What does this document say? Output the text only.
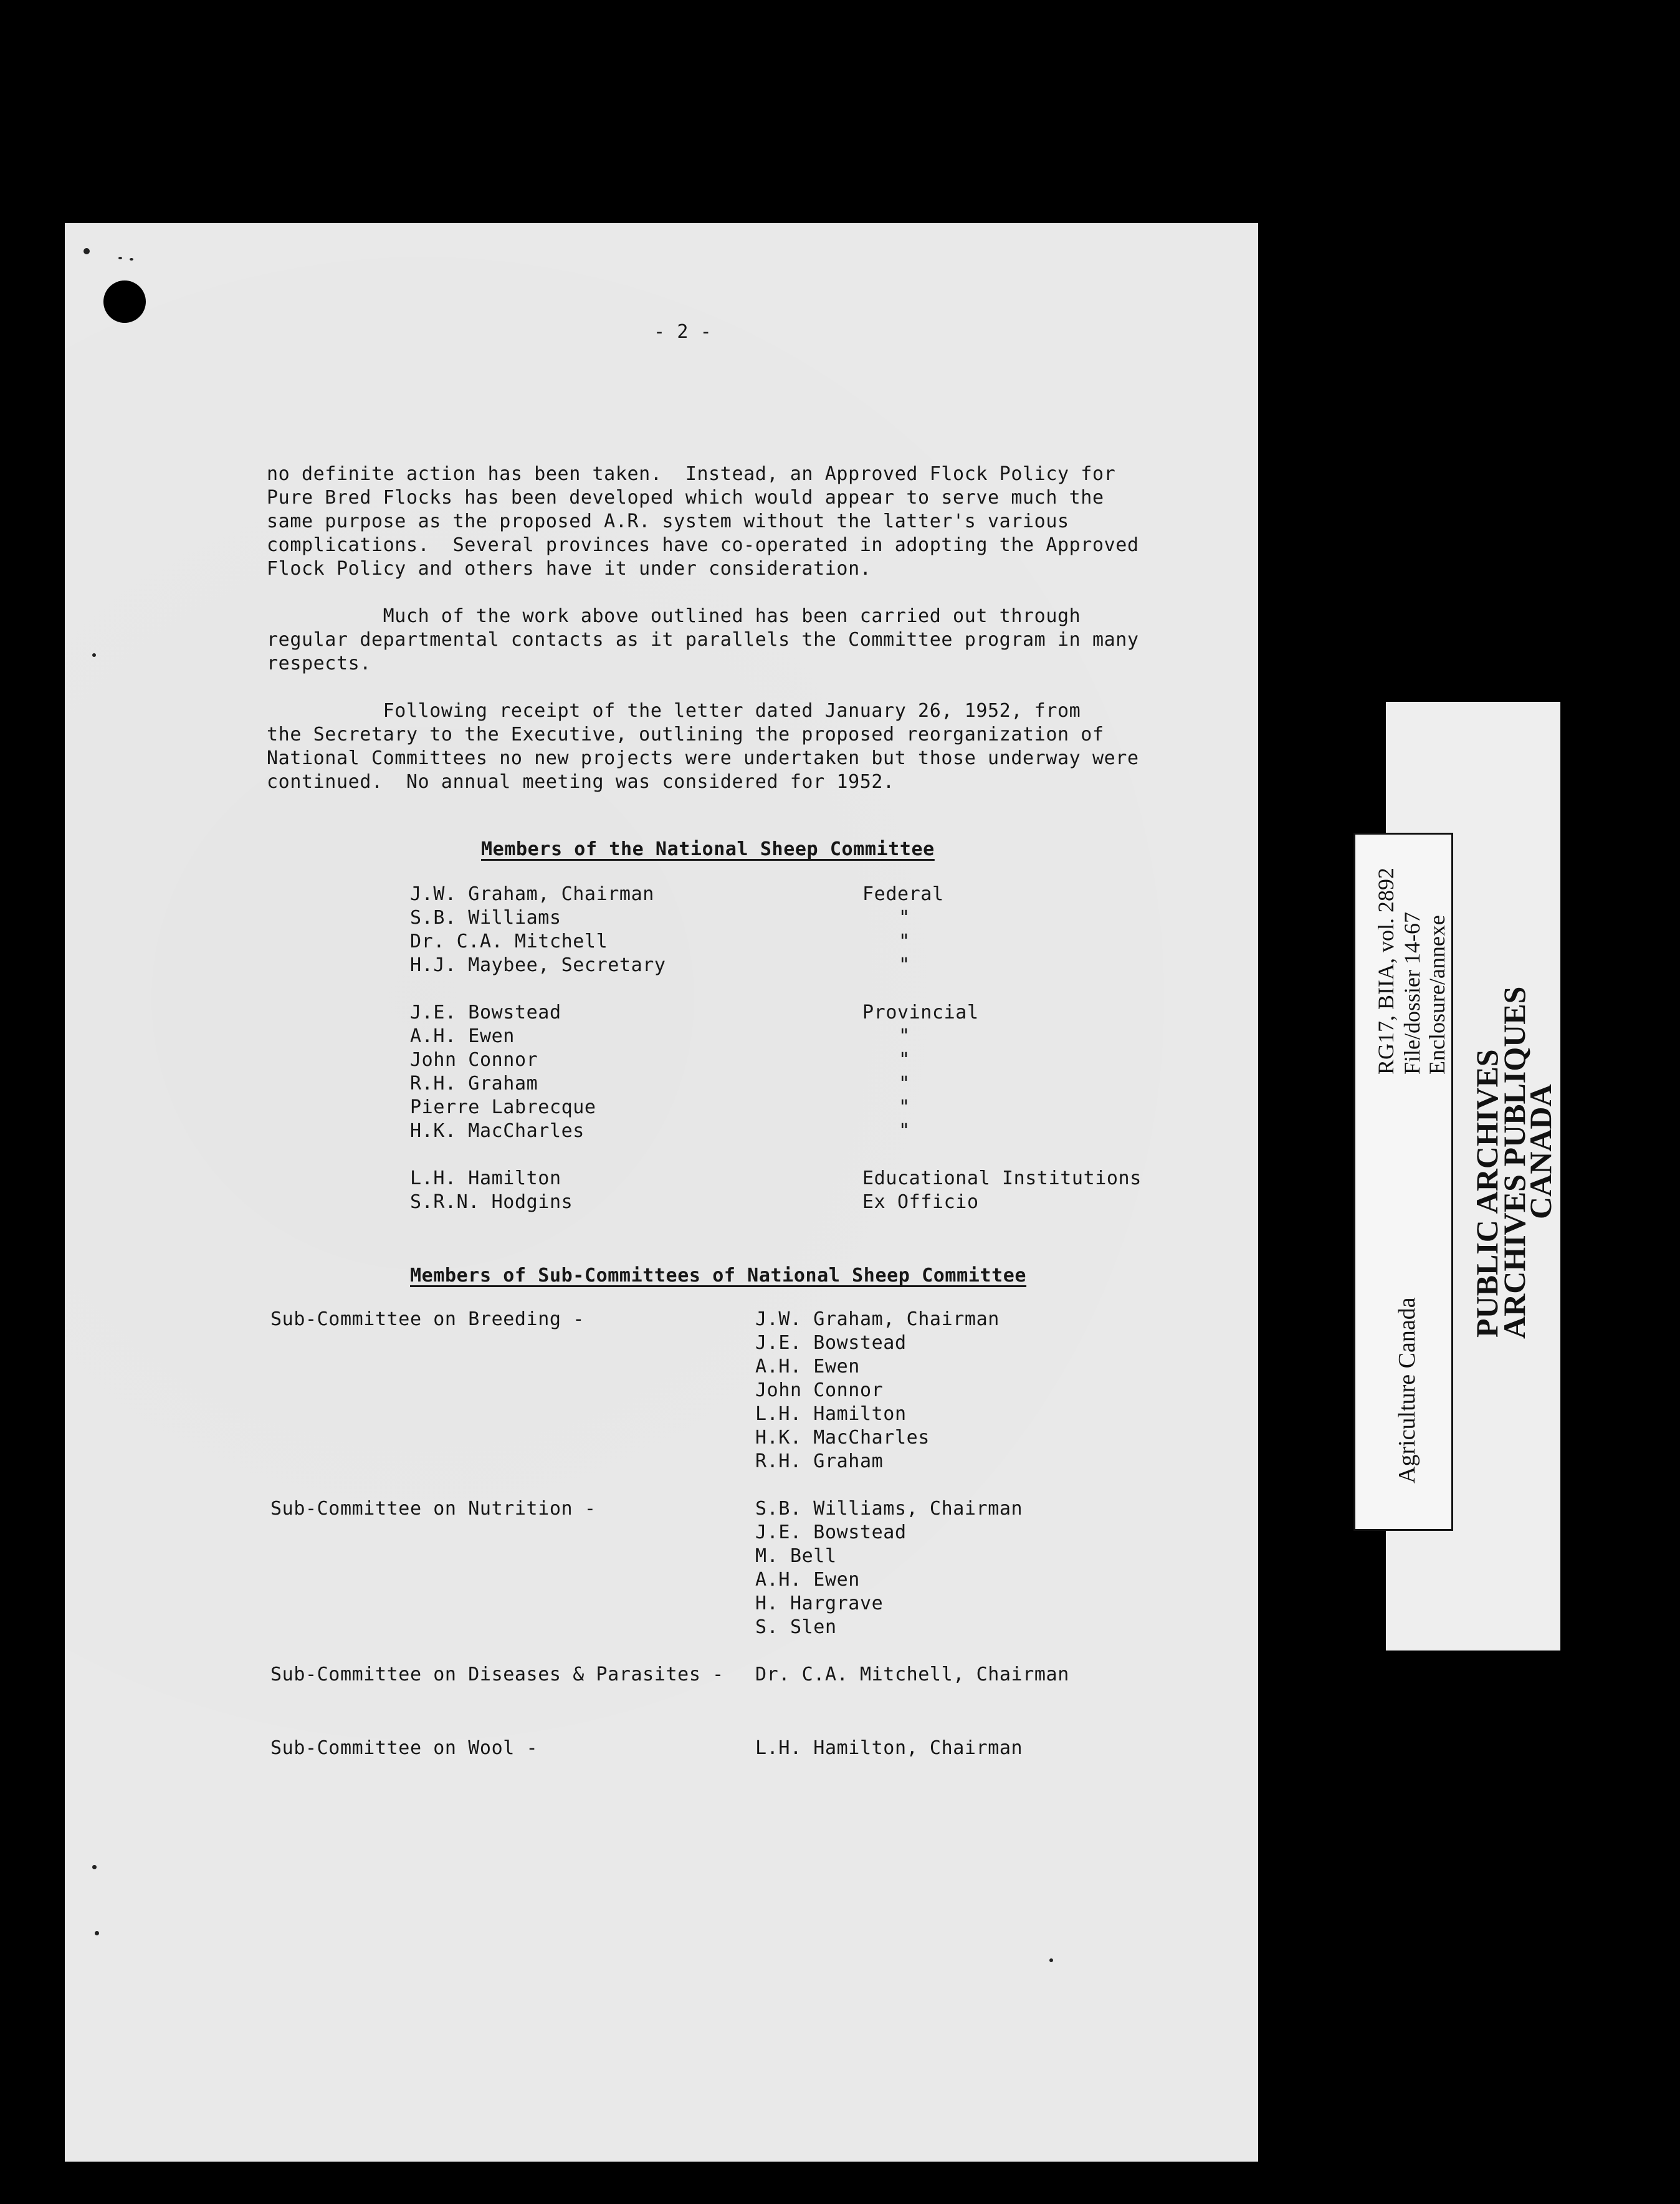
- 2 -
no definite action has been taken.  Instead, an Approved Flock Policy for
Pure Bred Flocks has been developed which would appear to serve much the
same purpose as the proposed A.R. system without the latter's various
complications.  Several provinces have co-operated in adopting the Approved
Flock Policy and others have it under consideration.
Much of the work above outlined has been carried out through
regular departmental contacts as it parallels the Committee program in many
respects.
Following receipt of the letter dated January 26, 1952, from
the Secretary to the Executive, outlining the proposed reorganization of
National Committees no new projects were undertaken but those underway were
continued.  No annual meeting was considered for 1952.
Members of the National Sheep Committee
J.W. Graham, Chairman	Federal
S.B. Williams	"
Dr. C.A. Mitchell	"
H.J. Maybee, Secretary	"
J.E. Bowstead	Provincial
A.H. Ewen	"
John Connor	"
R.H. Graham	"
Pierre Labrecque	"
H.K. MacCharles	"
L.H. Hamilton	Educational Institutions
S.R.N. Hodgins	Ex Officio
Members of Sub-Committees of National Sheep Committee
Sub-Committee on Breeding -	J.W. Graham, Chairman
J.E. Bowstead
A.H. Ewen
John Connor
L.H. Hamilton
H.K. MacCharles
R.H. Graham
Sub-Committee on Nutrition -	S.B. Williams, Chairman
J.E. Bowstead
M. Bell
A.H. Ewen
H. Hargrave
S. Slen
Sub-Committee on Diseases & Parasites - Dr. C.A. Mitchell, Chairman
Sub-Committee on Wool -	L.H. Hamilton, Chairman
Agriculture Canada
PUBLIC ARCHIVES
ARCHIVES PUBLIQUES
CANADA
RG17, BIIA, vol. 2892 File/dossier 14-67 Enclosure/annexe
